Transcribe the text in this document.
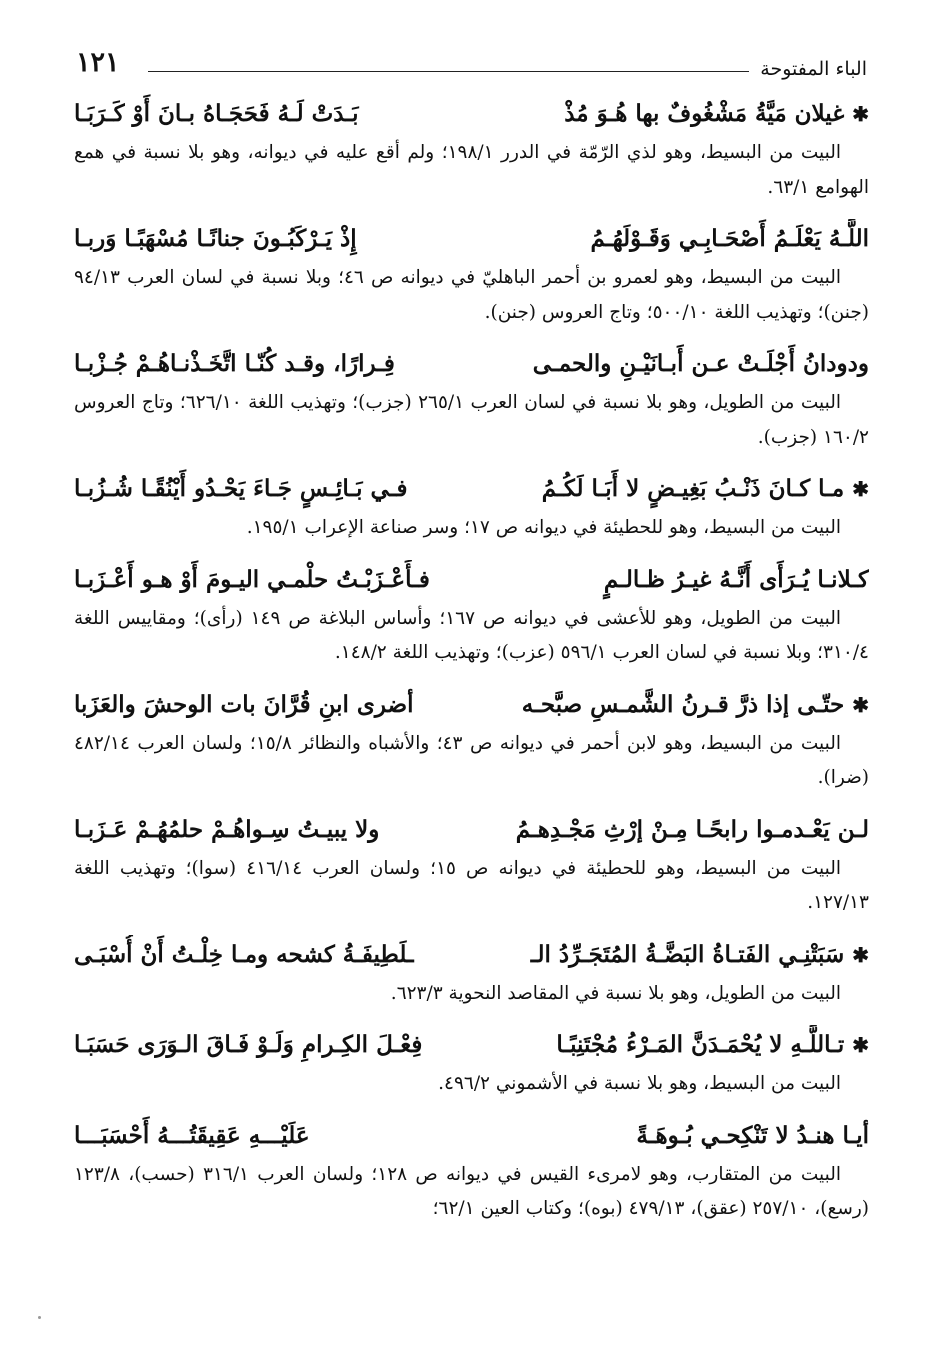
١٢١	الباء المفتوحة
✱
غيلان مَيَّةُ مَشْغُوفٌ بها هُـوَ مُذْ
بَـدَتْ لَـهُ فَحَجَـاهُ بـانَ أَوْ كَـرَبَـا
البيت من البسيط، وهو لذي الرّمّة في الدرر ١٩٨/١؛ ولم أقع عليه في ديوانه، وهو بلا نسبة في همع الهوامع ٦٣/١.
اللَّـهُ يَعْلَـمُ أَصْحَـابِـي وَقَـوْلَهُـمُ
إِذْ يَـرْكَبُـونَ جنانًـا مُسْهَبًـا وَربـا
البيت من البسيط، وهو لعمرو بن أحمر الباهليّ في ديوانه ص ٤٦؛ وبلا نسبة في لسان العرب ٩٤/١٣ (جنن)؛ وتهذيب اللغة ٥٠٠/١٠؛ وتاج العروس (جنن).
ودودانُ أَجْلَـتْ عـن أَبـانَيْـنِ والحمـى
فِـرارًا، وقـد كُنّـا اتَّخَـذْنـاهُـمْ جُـزْبـا
البيت من الطويل، وهو بلا نسبة في لسان العرب ٢٦٥/١ (جزب)؛ وتهذيب اللغة ٦٢٦/١٠؛ وتاج العروس ١٦٠/٢ (جزب).
✱
مـا كـانَ ذَنْـبُ بَغِيـضٍ لا أَبَـا لَكُـمُ
فـي بَـائِـسٍ جَـاءَ يَحْـدُو أَيْنُقًـا شُـزُبـا
البيت من البسيط، وهو للحطيئة في ديوانه ص ١٧؛ وسر صناعة الإعراب ١٩٥/١.
كـلانـا يُـرَأَى أَنَّـهُ غيـرُ ظـالـمٍ
فـأَعْـزَبْـتُ حلْمـي اليـومَ أَوْ هـو أَعْـزَبـا
البيت من الطويل، وهو للأعشى في ديوانه ص ١٦٧؛ وأساس البلاغة ص ١٤٩ (رأى)؛ ومقاييس اللغة ٣١٠/٤؛ وبلا نسبة في لسان العرب ٥٩٦/١ (عزب)؛ وتهذيب اللغة ١٤٨/٢.
✱
حتّـى إذا ذرَّ قـرنُ الشَّمـسِ صبَّحـه
أضرى ابنِ قُرَّانَ بات الوحشَ والعَزَبا
البيت من البسيط، وهو لابن أحمر في ديوانه ص ٤٣؛ والأشباه والنظائر ١٥/٨؛ ولسان العرب ٤٨٢/١٤ (ضرا).
لـن يَعْـدمـوا رابحًـا مِـنْ إرْثِ مَجْـدِهـمُ
ولا يبيـتُ سِـواهُـمْ حلمُهُـمْ عَـزَبـا
البيت من البسيط، وهو للحطيئة في ديوانه ص ١٥؛ ولسان العرب ٤١٦/١٤ (سوا)؛ وتهذيب اللغة ١٢٧/١٣.
✱
سَبَتْنِـي الفَتـاةُ البَضَّـةُ المُتَجَـرِّدُ الـ
ـلَطِيفَـةُ كشحه ومـا خِلْـتُ أَنْ أُسْبَـى
البيت من الطويل، وهو بلا نسبة في المقاصد النحوية ٦٢٣/٣.
✱
تـاللَّـهِ لا يُحْمَـدَنَّ المَـرْءُ مُجْتَنِبًـا
فِعْـلَ الكِـرامِ وَلَـوْ فَـاقَ الـوَرَى حَسَبَـا
البيت من البسيط، وهو بلا نسبة في الأشموني ٤٩٦/٢.
أيـا هنـدُ لا تَنْكِحـي بُـوهَـةً
عَلَيْـــهِ عَقِيقَتُـــهُ أَحْسَبَـــا
البيت من المتقارب، وهو لامرىء القيس في ديوانه ص ١٢٨؛ ولسان العرب ٣١٦/١ (حسب)، ١٢٣/٨ (رسع)، ٢٥٧/١٠ (عقق)، ٤٧٩/١٣ (بوه)؛ وكتاب العين ٦٢/١؛
